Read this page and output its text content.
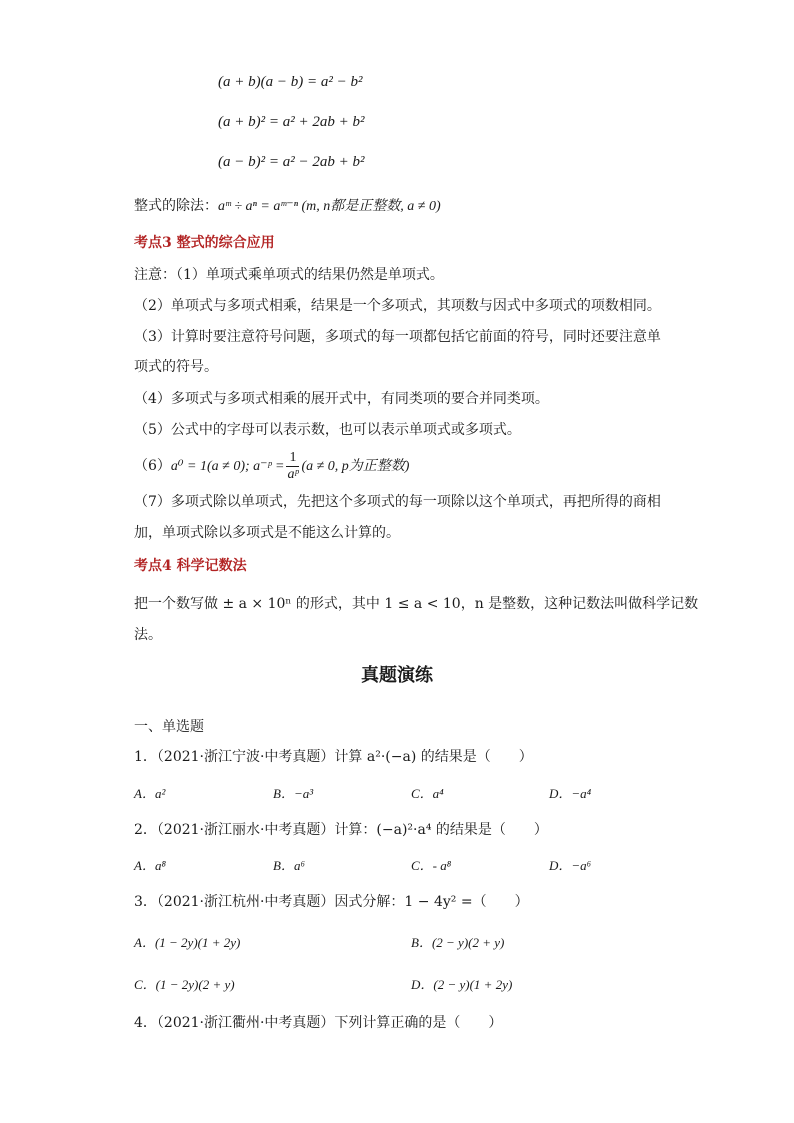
(a + b)(a − b) = a² − b²
(a + b)² = a² + 2ab + b²
(a − b)² = a² − 2ab + b²
整式的除法：aᵐ ÷ aⁿ = aᵐ⁻ⁿ (m, n都是正整数, a ≠ 0)
考点3 整式的综合应用
注意：（1）单项式乘单项式的结果仍然是单项式。
（2）单项式与多项式相乘，结果是一个多项式，其项数与因式中多项式的项数相同。
（3）计算时要注意符号问题，多项式的每一项都包括它前面的符号，同时还要注意单
项式的符号。
（4）多项式与多项式相乘的展开式中，有同类项的要合并同类项。
（5）公式中的字母可以表示数，也可以表示单项式或多项式。
（6）a⁰ = 1(a ≠ 0); a⁻ᵖ = $\frac{1}{\text{aᵖ}} (a \ne 0$, p为正整数)
（7）多项式除以单项式，先把这个多项式的每一项除以这个单项式，再把所得的商相
加，单项式除以多项式是不能这么计算的。
考点4 科学记数法
把一个数写做 ± a × 10ⁿ 的形式，其中 1 ≤ a < 10，n 是整数，这种记数法叫做科学记数
法。
真题演练
一、单选题
1．（2021·浙江宁波·中考真题）计算 a²·(−a) 的结果是（　　）
A．a²	B．−a³	C．a⁴	D．−a⁴
2．（2021·浙江丽水·中考真题）计算：(−a)²·a⁴ 的结果是（　　）
A．a⁸	B．a⁶	C．- a⁸	D．−a⁶
3．（2021·浙江杭州·中考真题）因式分解：1 − 4y² =（　　）
A．(1 − 2y)(1 + 2y)	B．(2 − y)(2 + y)
C．(1 − 2y)(2 + y)	D．(2 − y)(1 + 2y)
4．（2021·浙江衢州·中考真题）下列计算正确的是（　　）
